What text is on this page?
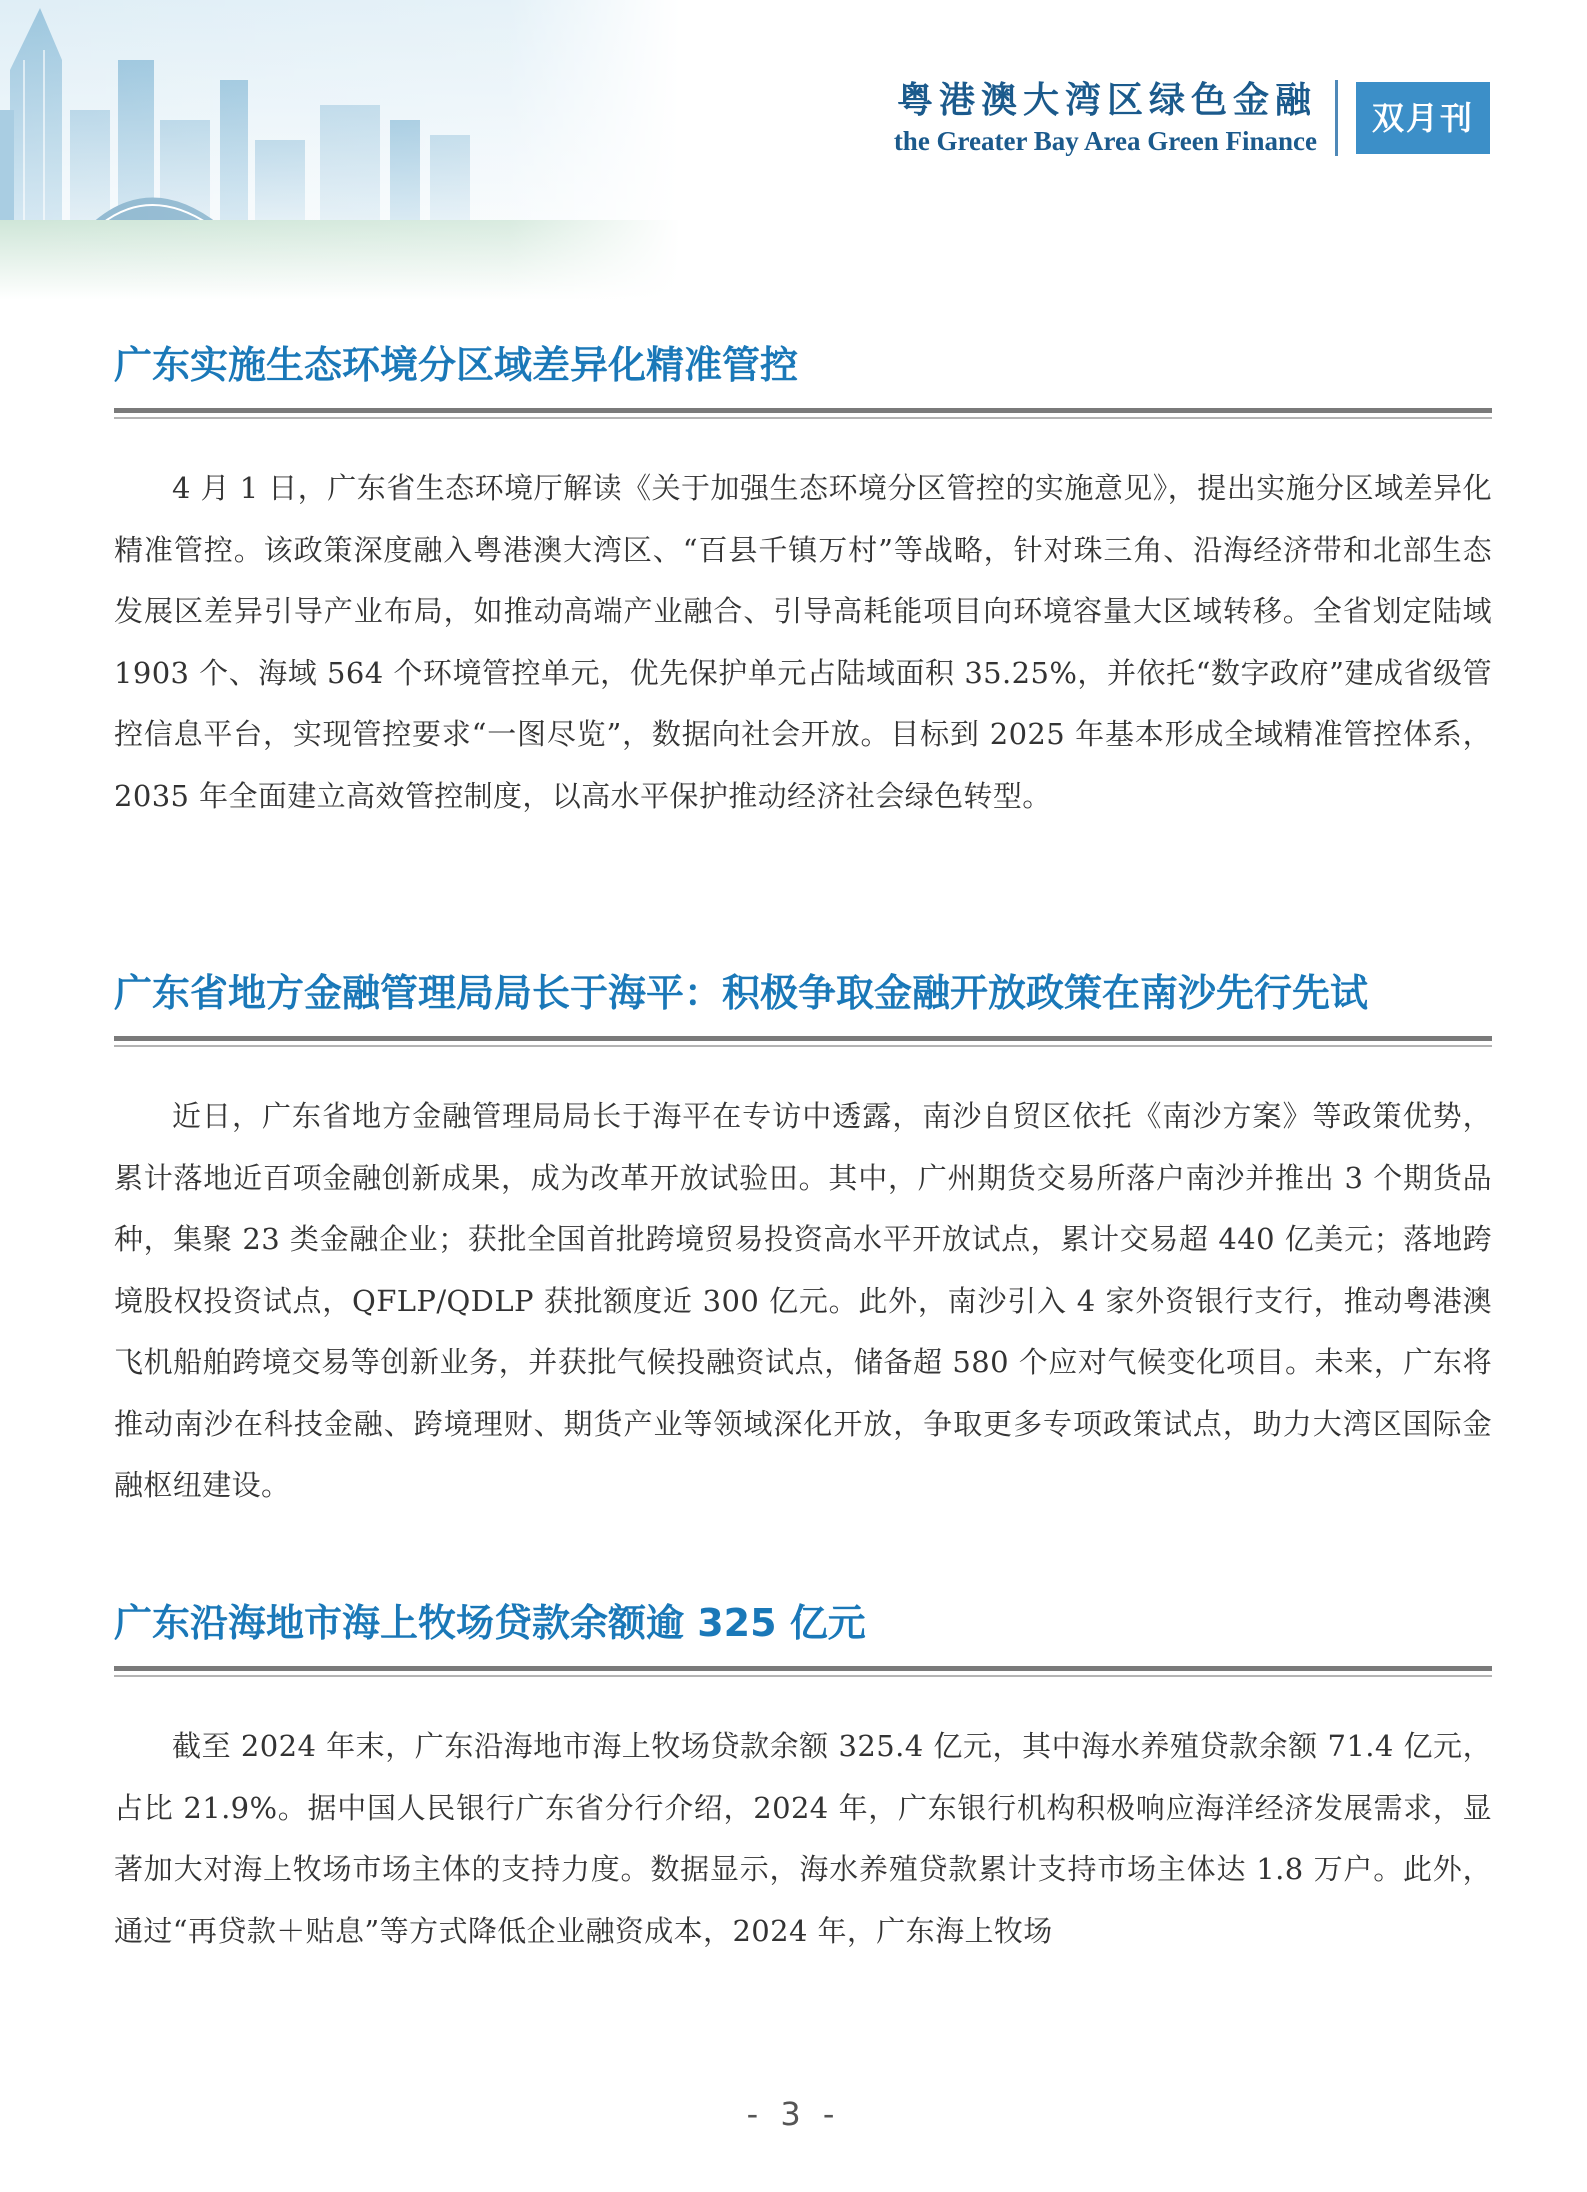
粤港澳大湾区绿色金融
the Greater Bay Area Green Finance
双月刊
广东实施生态环境分区域差异化精准管控
4 月 1 日，广东省生态环境厅解读《关于加强生态环境分区管控的实施意见》，提出实施分区域差异化精准管控。该政策深度融入粤港澳大湾区、“百县千镇万村”等战略，针对珠三角、沿海经济带和北部生态发展区差异引导产业布局，如推动高端产业融合、引导高耗能项目向环境容量大区域转移。全省划定陆域 1903 个、海域 564 个环境管控单元，优先保护单元占陆域面积 35.25%，并依托“数字政府”建成省级管控信息平台，实现管控要求“一图尽览”，数据向社会开放。目标到 2025 年基本形成全域精准管控体系，2035 年全面建立高效管控制度，以高水平保护推动经济社会绿色转型。
广东省地方金融管理局局长于海平：积极争取金融开放政策在南沙先行先试
近日，广东省地方金融管理局局长于海平在专访中透露，南沙自贸区依托《南沙方案》等政策优势，累计落地近百项金融创新成果，成为改革开放试验田。其中，广州期货交易所落户南沙并推出 3 个期货品种，集聚 23 类金融企业；获批全国首批跨境贸易投资高水平开放试点，累计交易超 440 亿美元；落地跨境股权投资试点，QFLP/QDLP 获批额度近 300 亿元。此外，南沙引入 4 家外资银行支行，推动粤港澳飞机船舶跨境交易等创新业务，并获批气候投融资试点，储备超 580 个应对气候变化项目。未来，广东将推动南沙在科技金融、跨境理财、期货产业等领域深化开放，争取更多专项政策试点，助力大湾区国际金融枢纽建设。
广东沿海地市海上牧场贷款余额逾 325 亿元
截至 2024 年末，广东沿海地市海上牧场贷款余额 325.4 亿元，其中海水养殖贷款余额 71.4 亿元，占比 21.9%。据中国人民银行广东省分行介绍，2024 年，广东银行机构积极响应海洋经济发展需求，显著加大对海上牧场市场主体的支持力度。数据显示，海水养殖贷款累计支持市场主体达 1.8 万户。此外，通过“再贷款＋贴息”等方式降低企业融资成本，2024 年，广东海上牧场
- 3 -
